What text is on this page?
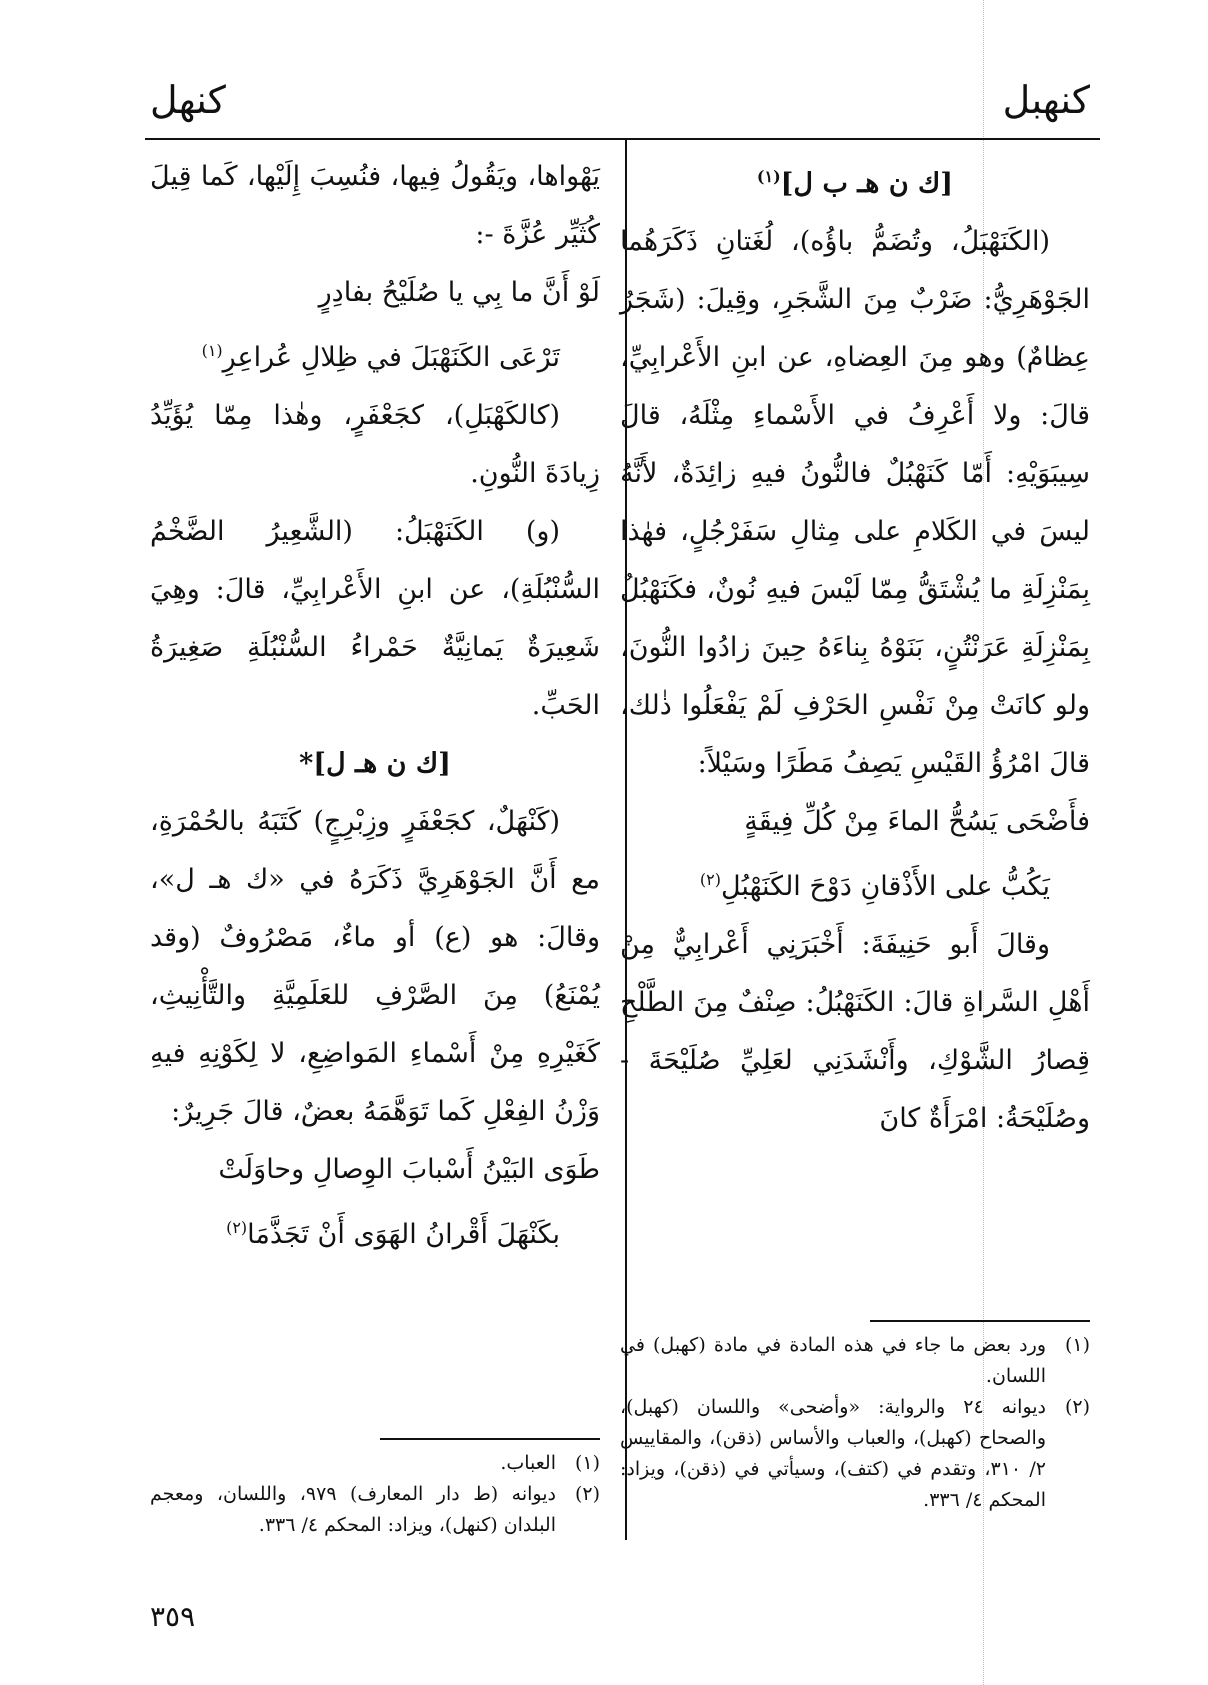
كنهبل
كنهل

[ك ن هـ ب ل]$^{(١)}$

(الكَنَهْبَلُ، وتُضَمُّ باؤُه)، لُغَتانِ ذَكَرَهُما الجَوْهَرِيُّ: ضَرْبٌ مِنَ الشَّجَرِ، وقِيلَ: (شَجَرٌ عِظامٌ) وهو مِنَ العِضاهِ، عن ابنِ الأَعْرابِيِّ، قالَ: ولا أَعْرِفُ في الأَسْماءِ مِثْلَهُ، قالَ سِيبَوَيْهِ: أَمّا كَنَهْبُلٌ فالنُّونُ فيهِ زائِدَةٌ، لأَنَّهُ ليسَ في الكَلامِ على مِثالِ سَفَرْجُلٍ، فهٰذا بِمَنْزِلَةِ ما يُشْتَقُّ مِمّا لَيْسَ فيهِ نُونٌ، فكَنَهْبُلٌ بِمَنْزِلَةِ عَرَنْتُنٍ، بَنَوْهُ بِناءَهُ حِينَ زادُوا النُّونَ، ولو كانَتْ مِنْ نَفْسِ الحَرْفِ لَمْ يَفْعَلُوا ذٰلك، قالَ امْرُؤُ القَيْسِ يَصِفُ مَطَرًا وسَيْلاً:

فأَضْحَى يَسُحُّ الماءَ مِنْ كُلِّ فِيقَةٍ

يَكُبُّ على الأَذْقانِ دَوْحَ الكَنَهْبُلِ$^{(٢)}$

وقالَ أَبو حَنِيفَةَ: أَخْبَرَنِي أَعْرابِيٌّ مِنْ أَهْلِ السَّراةِ قالَ: الكَنَهْبُلُ: صِنْفٌ مِنَ الطَّلْحِ قِصارُ الشَّوْكِ، وأَنْشَدَنِي لعَلِيِّ صُلَيْحَةَ - وصُلَيْحَةُ: امْرَأَةٌ كانَ

يَهْواها، ويَقُولُ فِيها، فنُسِبَ إِلَيْها، كَما قِيلَ كُثَيِّر عُزَّةَ -:

لَوْ أَنَّ ما بِي يا صُلَيْحُ بفادِرٍ

تَرْعَى الكَنَهْبَلَ في ظِلالِ عُراعِرِ$^{(١)}$

(كالكَهْبَلِ)، كجَعْفَرٍ، وهٰذا مِمّا يُؤَيِّدُ زِيادَةَ النُّونِ.

(و) الكَنَهْبَلُ: (الشَّعِيرُ الضَّخْمُ السُّنْبُلَةِ)، عن ابنِ الأَعْرابِيِّ، قالَ: وهِيَ شَعِيرَةٌ يَمانِيَّةٌ حَمْراءُ السُّنْبُلَةِ صَغِيرَةُ الحَبِّ.

[ك ن هـ ل]*

(كَنْهَلٌ، كجَعْفَرٍ وزِبْرِجٍ) كَتَبَهُ بالحُمْرَةِ، مع أَنَّ الجَوْهَرِيَّ ذَكَرَهُ في «ك هـ ل»، وقالَ: هو (ع) أو ماءٌ، مَصْرُوفٌ (وقد يُمْنَعُ) مِنَ الصَّرْفِ للعَلَمِيَّةِ والتَّأْنِيثِ، كَغَيْرِهِ مِنْ أَسْماءِ المَواضِعِ، لا لِكَوْنِهِ فيهِ وَزْنُ الفِعْلِ كَما تَوَهَّمَهُ بعضٌ، قالَ جَرِيرٌ:

طَوَى البَيْنُ أَسْبابَ الوِصالِ وحاوَلَتْ

بكَنْهَلَ أَقْرانُ الهَوَى أَنْ تَجَذَّمَا$^{(٢)}$

(١)ورد بعض ما جاء في هذه المادة في مادة (كهبل) في اللسان.

(٢)ديوانه ٢٤ والرواية: «وأضحى» واللسان (كهبل)، والصحاح (كهبل)، والعباب والأساس (ذقن)، والمقاييس ٢/ ٣١٠، وتقدم في (كتف)، وسيأتي في (ذقن)، ويزاد: المحكم ٤/ ٣٣٦.

(١)العباب.

(٢)ديوانه (ط دار المعارف) ٩٧٩، واللسان، ومعجم البلدان (كنهل)، ويزاد: المحكم ٤/ ٣٣٦.

٣٥٩
